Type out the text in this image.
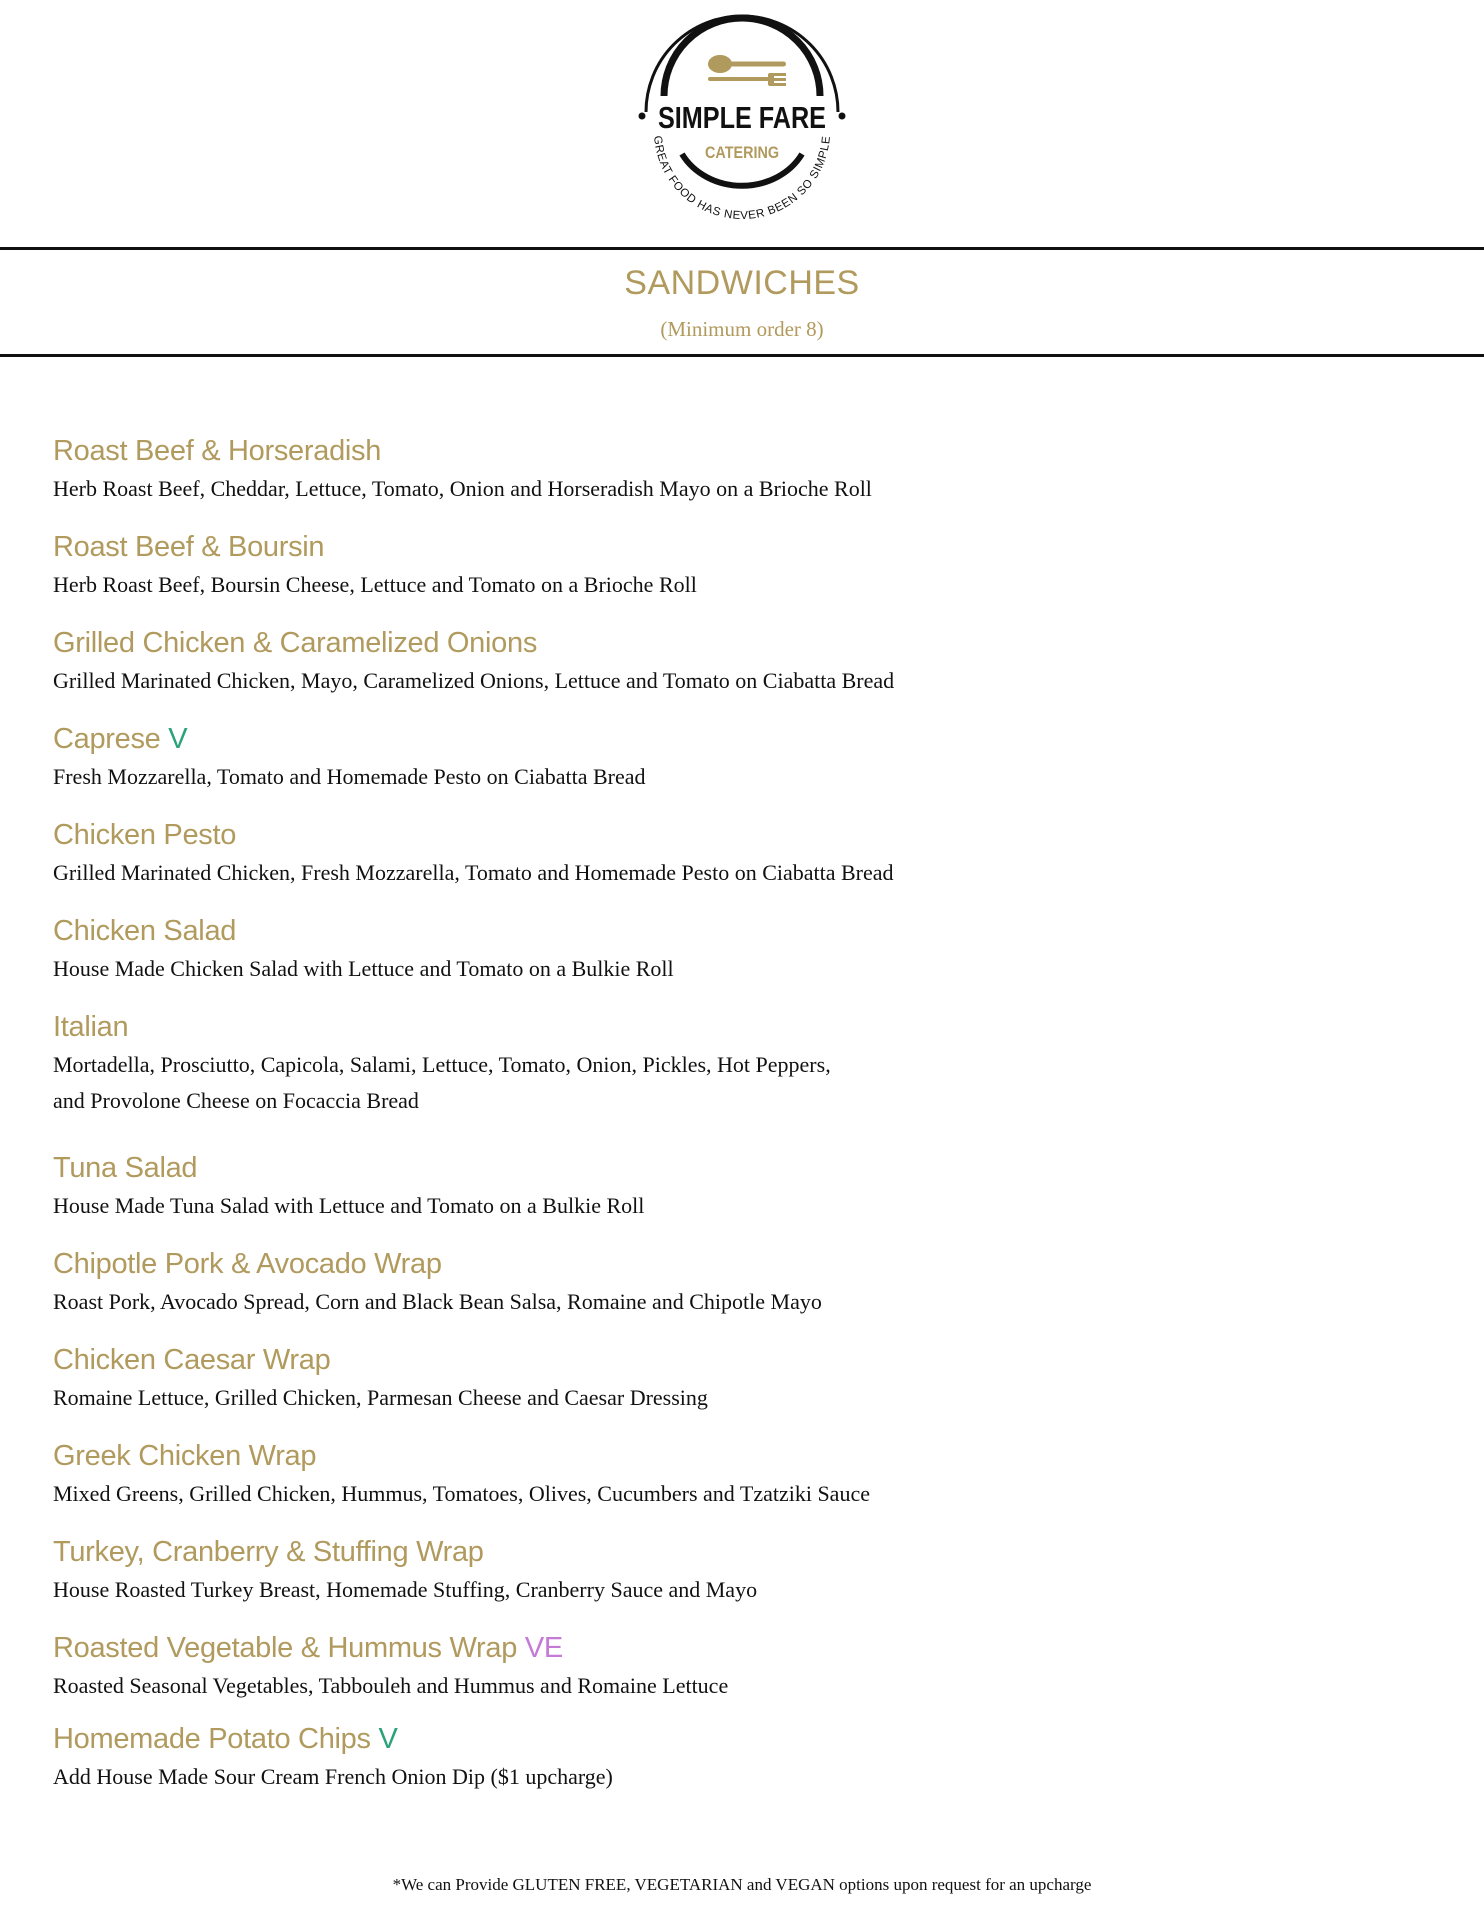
SIMPLE FARE
CATERING
GREAT FOOD HAS NEVER BEEN SO SIMPLE
SANDWICHES
(Minimum order 8)
Roast Beef & Horseradish
Herb Roast Beef, Cheddar, Lettuce, Tomato, Onion and Horseradish Mayo on a Brioche Roll
Roast Beef & Boursin
Herb Roast Beef, Boursin Cheese, Lettuce and Tomato on a Brioche Roll
Grilled Chicken & Caramelized Onions
Grilled Marinated Chicken, Mayo, Caramelized Onions, Lettuce and Tomato on Ciabatta Bread
Caprese V
Fresh Mozzarella, Tomato and Homemade Pesto on Ciabatta Bread
Chicken Pesto
Grilled Marinated Chicken, Fresh Mozzarella, Tomato and Homemade Pesto on Ciabatta Bread
Chicken Salad
House Made Chicken Salad with Lettuce and Tomato on a Bulkie Roll
Italian
Mortadella, Prosciutto, Capicola, Salami, Lettuce, Tomato, Onion, Pickles, Hot Peppers,
and Provolone Cheese on Focaccia Bread
Tuna Salad
House Made Tuna Salad with Lettuce and Tomato on a Bulkie Roll
Chipotle Pork & Avocado Wrap
Roast Pork, Avocado Spread, Corn and Black Bean Salsa, Romaine and Chipotle Mayo
Chicken Caesar Wrap
Romaine Lettuce, Grilled Chicken, Parmesan Cheese and Caesar Dressing
Greek Chicken Wrap
Mixed Greens, Grilled Chicken, Hummus, Tomatoes, Olives, Cucumbers and Tzatziki Sauce
Turkey, Cranberry & Stuffing Wrap
House Roasted Turkey Breast, Homemade Stuffing, Cranberry Sauce and Mayo
Roasted Vegetable & Hummus Wrap VE
Roasted Seasonal Vegetables, Tabbouleh and Hummus and Romaine Lettuce
Homemade Potato Chips V
Add House Made Sour Cream French Onion Dip ($1 upcharge)
*We can Provide GLUTEN FREE, VEGETARIAN and VEGAN options upon request for an upcharge
